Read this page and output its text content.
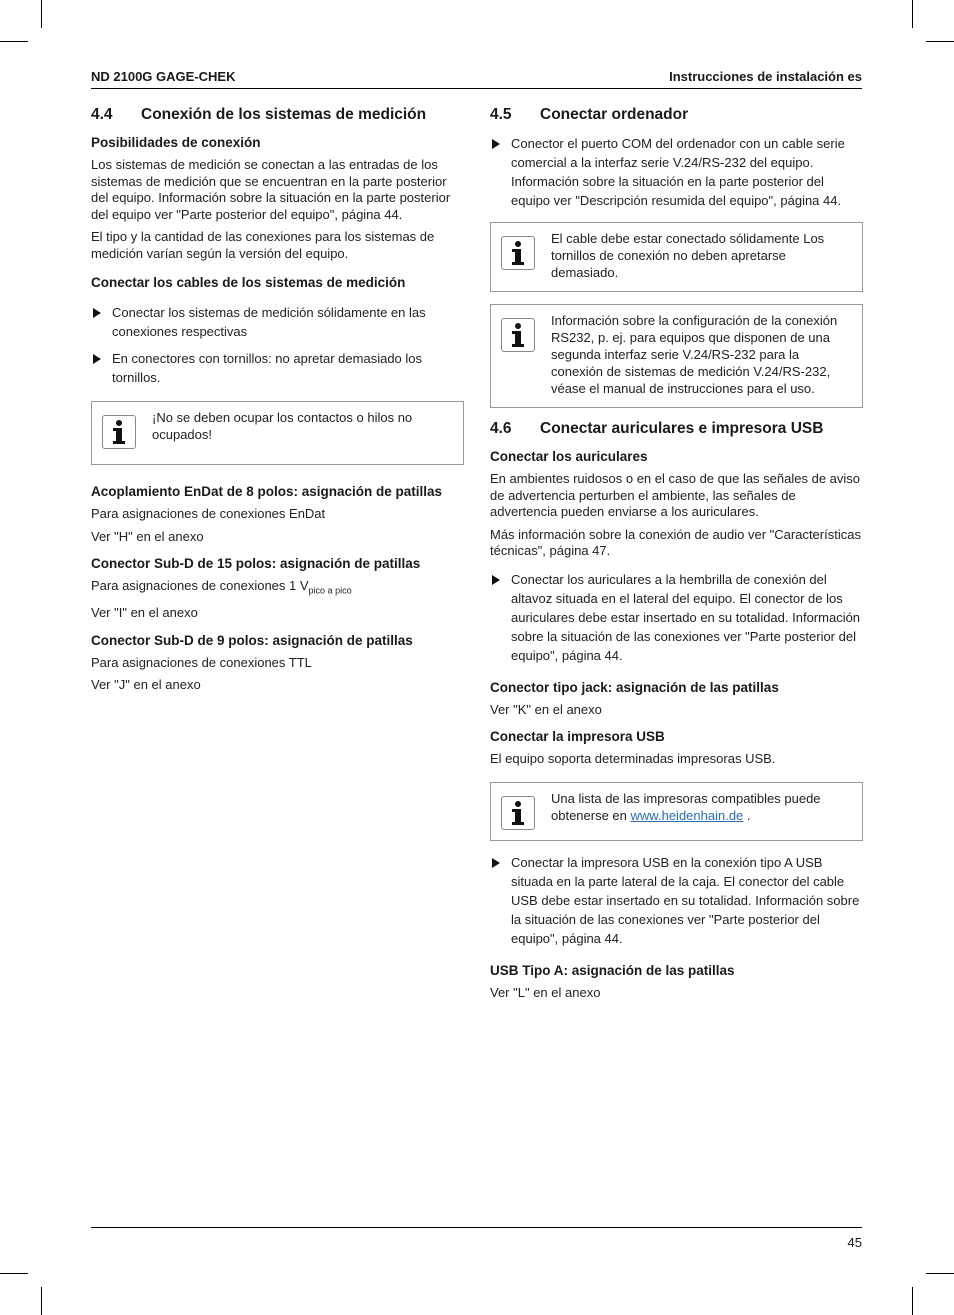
ND 2100G GAGE-CHEK	Instrucciones de instalación es
4.4	Conexión de los sistemas de medición
Posibilidades de conexión

Los sistemas de medición se conectan a las entradas de los sistemas de medición que se encuentran en la parte posterior del equipo. Información sobre la situación en la parte posterior del equipo ver "Parte posterior del equipo", página 44.

El tipo y la cantidad de las conexiones para los sistemas de medición varían según la versión del equipo.

Conectar los cables de los sistemas de medición
Conectar los sistemas de medición sólidamente en las conexiones respectivas
En conectores con tornillos: no apretar demasiado los tornillos.
¡No se deben ocupar los contactos o hilos no ocupados!
Acoplamiento EnDat de 8 polos: asignación de patillas

Para asignaciones de conexiones EnDat

Ver "H" en el anexo

Conector Sub-D de 15 polos: asignación de patillas

Para asignaciones de conexiones 1 $V_{pico a pico}$

Ver "I" en el anexo

Conector Sub-D de 9 polos: asignación de patillas

Para asignaciones de conexiones TTL

Ver "J" en el anexo

4.5	Conectar ordenador
Conector el puerto COM del ordenador con un cable serie comercial a la interfaz serie V.24/RS-232 del equipo. Información sobre la situación en la parte posterior del equipo ver "Descripción resumida del equipo", página 44.
El cable debe estar conectado sólidamente Los tornillos de conexión no deben apretarse demasiado.
Información sobre la configuración de la conexión RS232, p. ej. para equipos que disponen de una segunda interfaz serie V.24/RS-232 para la conexión de sistemas de medición V.24/RS-232, véase el manual de instrucciones para el uso.
4.6	Conectar auriculares e impresora USB
Conectar los auriculares

En ambientes ruidosos o en el caso de que las señales de aviso de advertencia perturben el ambiente, las señales de advertencia pueden enviarse a los auriculares.

Más información sobre la conexión de audio ver "Características técnicas", página 47.

Conectar los auriculares a la hembrilla de conexión del altavoz situada en el lateral del equipo. El conector de los auriculares debe estar insertado en su totalidad. Información sobre la situación de las conexiones ver "Parte posterior del equipo", página 44.
Conector tipo jack: asignación de las patillas

Ver "K" en el anexo

Conectar la impresora USB

El equipo soporta determinadas impresoras USB.

Una lista de las impresoras compatibles puede obtenerse en www.heidenhain.de .
Conectar la impresora USB en la conexión tipo A USB situada en la parte lateral de la caja. El conector del cable USB debe estar insertado en su totalidad. Información sobre la situación de las conexiones ver "Parte posterior del equipo", página 44.
USB Tipo A: asignación de las patillas

Ver "L" en el anexo

45
